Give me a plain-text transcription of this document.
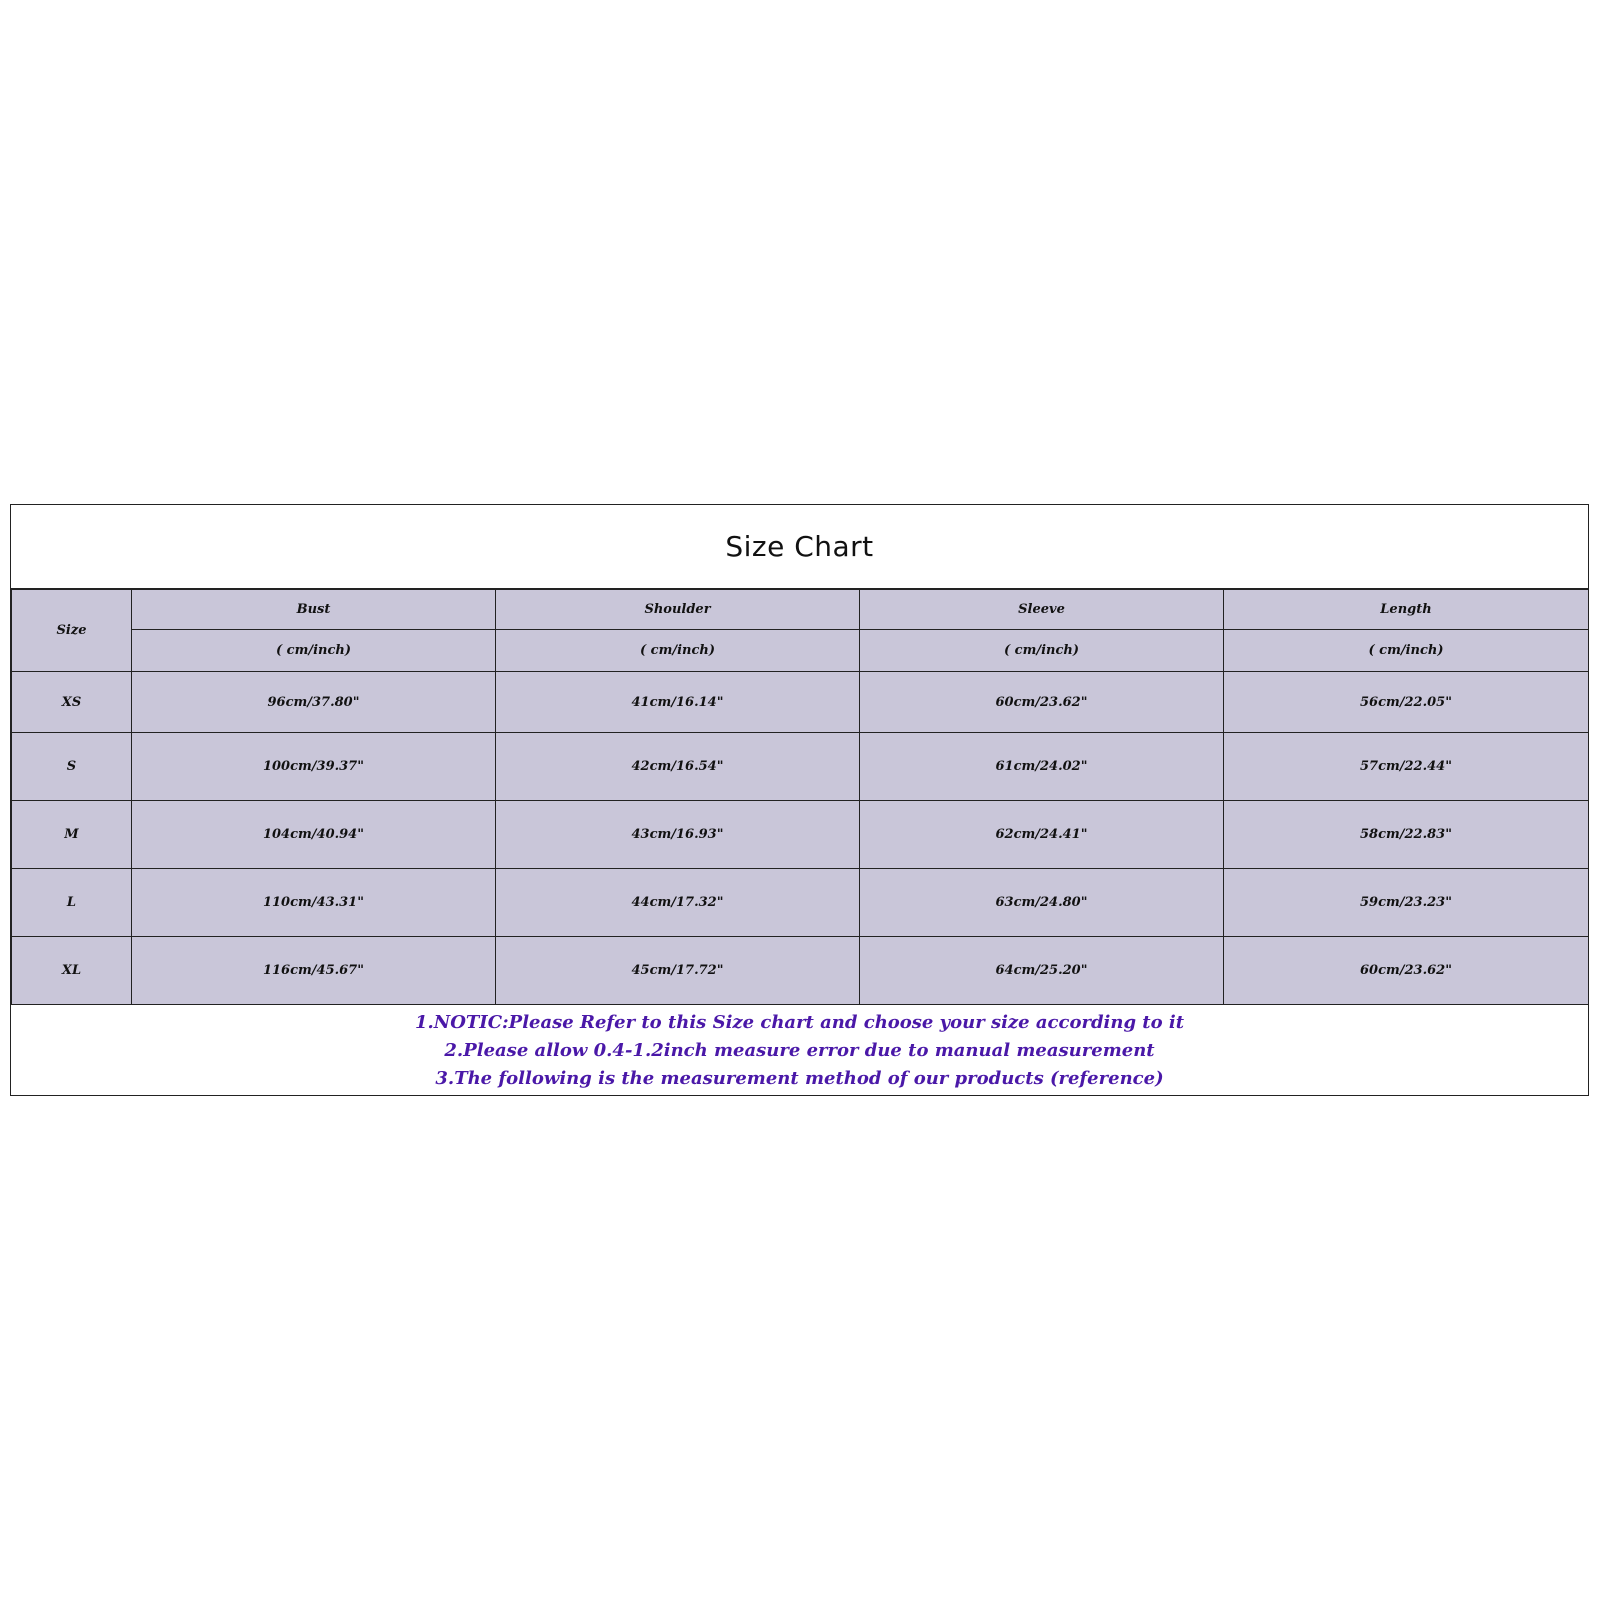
Size Chart
Size	Bust	Shoulder	Sleeve	Length
	( cm/inch)	( cm/inch)	( cm/inch)	( cm/inch)
XS	96cm/37.80"	41cm/16.14"	60cm/23.62"	56cm/22.05"
S	100cm/39.37"	42cm/16.54"	61cm/24.02"	57cm/22.44"
M	104cm/40.94"	43cm/16.93"	62cm/24.41"	58cm/22.83"
L	110cm/43.31"	44cm/17.32"	63cm/24.80"	59cm/23.23"
XL	116cm/45.67"	45cm/17.72"	64cm/25.20"	60cm/23.62"
1.NOTIC:Please Refer to this Size chart and choose your size according to it
2.Please allow 0.4-1.2inch measure error due to manual measurement
3.The following is the measurement method of our products (reference)
